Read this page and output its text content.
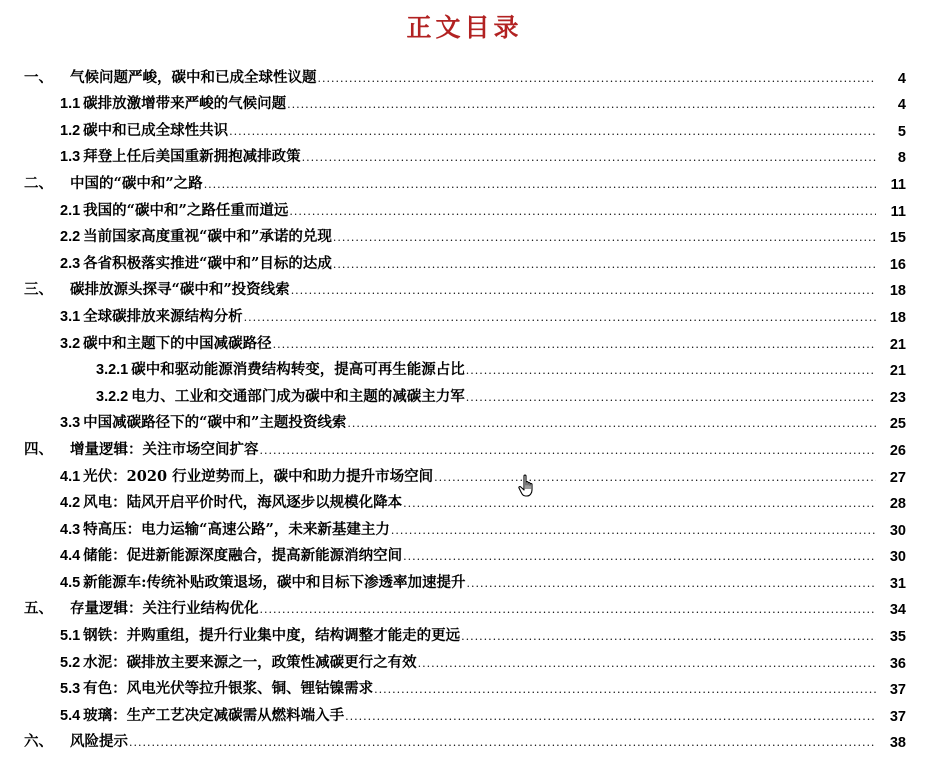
正文目录
一、 气候问题严峻，碳中和已成全球性议题 .....	4
1.1 碳排放激增带来严峻的气候问题 .....	4
1.2 碳中和已成全球性共识 .....	5
1.3 拜登上任后美国重新拥抱减排政策 .....	8
二、 中国的“碳中和”之路 .....	11
2.1 我国的“碳中和”之路任重而道远 .....	11
2.2 当前国家高度重视“碳中和”承诺的兑现 .....	15
2.3 各省积极落实推进“碳中和”目标的达成 .....	16
三、 碳排放源头探寻“碳中和”投资线索 .....	18
3.1 全球碳排放来源结构分析 .....	18
3.2 碳中和主题下的中国减碳路径 .....	21
3.2.1 碳中和驱动能源消费结构转变，提高可再生能源占比 .....	21
3.2.2 电力、工业和交通部门成为碳中和主题的减碳主力军 .....	23
3.3 中国减碳路径下的“碳中和”主题投资线索 .....	25
四、 增量逻辑：关注市场空间扩容 .....	26
4.1 光伏：2020 行业逆势而上，碳中和助力提升市场空间 .....	27
4.2 风电：陆风开启平价时代，海风逐步以规模化降本 .....	28
4.3 特高压：电力运输“高速公路”，未来新基建主力 .....	30
4.4 储能：促进新能源深度融合，提高新能源消纳空间 .....	30
4.5 新能源车:传统补贴政策退场，碳中和目标下渗透率加速提升 .....	31
五、 存量逻辑：关注行业结构优化 .....	34
5.1 钢铁：并购重组，提升行业集中度，结构调整才能走的更远 .....	35
5.2 水泥：碳排放主要来源之一，政策性减碳更行之有效 .....	36
5.3 有色：风电光伏等拉升银浆、铜、锂钴镍需求 .....	37
5.4 玻璃：生产工艺决定减碳需从燃料端入手 .....	37
六、 风险提示 .....	38
